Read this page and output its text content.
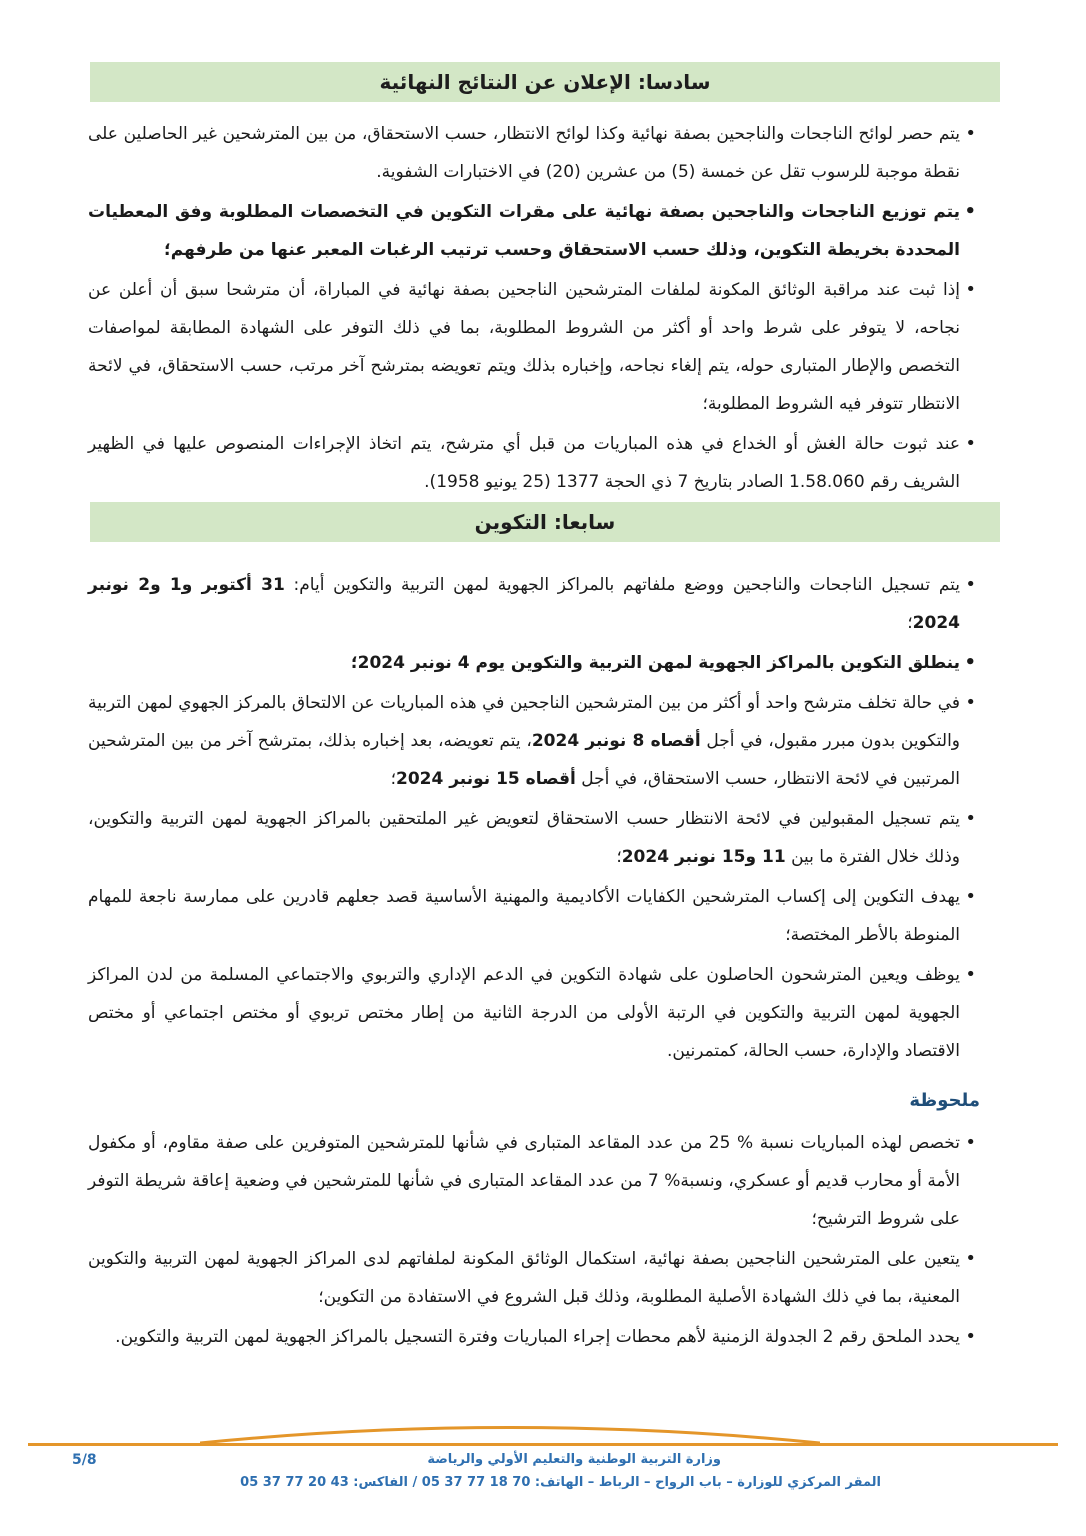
سادسا: الإعلان عن النتائج النهائية
• يتم حصر لوائح الناجحات والناجحين بصفة نهائية وكذا لوائح الانتظار، حسب الاستحقاق، من بين المترشحين غير الحاصلين على نقطة موجبة للرسوب تقل عن خمسة (5) من عشرين (20) في الاختبارات الشفوية.
• يتم توزيع الناجحات والناجحين بصفة نهائية على مقرات التكوين في التخصصات المطلوبة وفق المعطيات المحددة بخريطة التكوين، وذلك حسب الاستحقاق وحسب ترتيب الرغبات المعبر عنها من طرفهم؛
• إذا ثبت عند مراقبة الوثائق المكونة لملفات المترشحين الناجحين بصفة نهائية في المباراة، أن مترشحا سبق أن أعلن عن نجاحه، لا يتوفر على شرط واحد أو أكثر من الشروط المطلوبة، بما في ذلك التوفر على الشهادة المطابقة لمواصفات التخصص والإطار المتبارى حوله، يتم إلغاء نجاحه، وإخباره بذلك ويتم تعويضه بمترشح آخر مرتب، حسب الاستحقاق، في لائحة الانتظار تتوفر فيه الشروط المطلوبة؛
• عند ثبوت حالة الغش أو الخداع في هذه المباريات من قبل أي مترشح، يتم اتخاذ الإجراءات المنصوص عليها في الظهير الشريف رقم 1.58.060 الصادر بتاريخ 7 ذي الحجة 1377 (25 يونيو 1958).
سابعا: التكوين
• يتم تسجيل الناجحات والناجحين ووضع ملفاتهم بالمراكز الجهوية لمهن التربية والتكوين أيام: 31 أكتوبر و1 و2 نونبر 2024؛
• ينطلق التكوين بالمراكز الجهوية لمهن التربية والتكوين يوم 4 نونبر 2024؛
• في حالة تخلف مترشح واحد أو أكثر من بين المترشحين الناجحين في هذه المباريات عن الالتحاق بالمركز الجهوي لمهن التربية والتكوين بدون مبرر مقبول، في أجل أقصاه 8 نونبر 2024، يتم تعويضه، بعد إخباره بذلك، بمترشح آخر من بين المترشحين المرتبين في لائحة الانتظار، حسب الاستحقاق، في أجل أقصاه 15 نونبر 2024؛
• يتم تسجيل المقبولين في لائحة الانتظار حسب الاستحقاق لتعويض غير الملتحقين بالمراكز الجهوية لمهن التربية والتكوين، وذلك خلال الفترة ما بين 11 و15 نونبر 2024؛
• يهدف التكوين إلى إكساب المترشحين الكفايات الأكاديمية والمهنية الأساسية قصد جعلهم قادرين على ممارسة ناجعة للمهام المنوطة بالأطر المختصة؛
• يوظف ويعين المترشحون الحاصلون على شهادة التكوين في الدعم الإداري والتربوي والاجتماعي المسلمة من لدن المراكز الجهوية لمهن التربية والتكوين في الرتبة الأولى من الدرجة الثانية من إطار مختص تربوي أو مختص اجتماعي أو مختص الاقتصاد والإدارة، حسب الحالة، كمتمرنين.
ملحوظة
• تخصص لهذه المباريات نسبة % 25 من عدد المقاعد المتبارى في شأنها للمترشحين المتوفرين على صفة مقاوم، أو مكفول الأمة أو محارب قديم أو عسكري، ونسبة% 7 من عدد المقاعد المتبارى في شأنها للمترشحين في وضعية إعاقة شريطة التوفر على شروط الترشيح؛
• يتعين على المترشحين الناجحين بصفة نهائية، استكمال الوثائق المكونة لملفاتهم لدى المراكز الجهوية لمهن التربية والتكوين المعنية، بما في ذلك الشهادة الأصلية المطلوبة، وذلك قبل الشروع في الاستفادة من التكوين؛
• يحدد الملحق رقم 2 الجدولة الزمنية لأهم محطات إجراء المباريات وفترة التسجيل بالمراكز الجهوية لمهن التربية والتكوين.
5/8	وزارة التربية الوطنية والتعليم الأولي والرياضة
المقر المركزي للوزارة – باب الرواح – الرباط – الهاتف: 70 18 77 37 05 / الفاكس: 43 20 77 37 05
